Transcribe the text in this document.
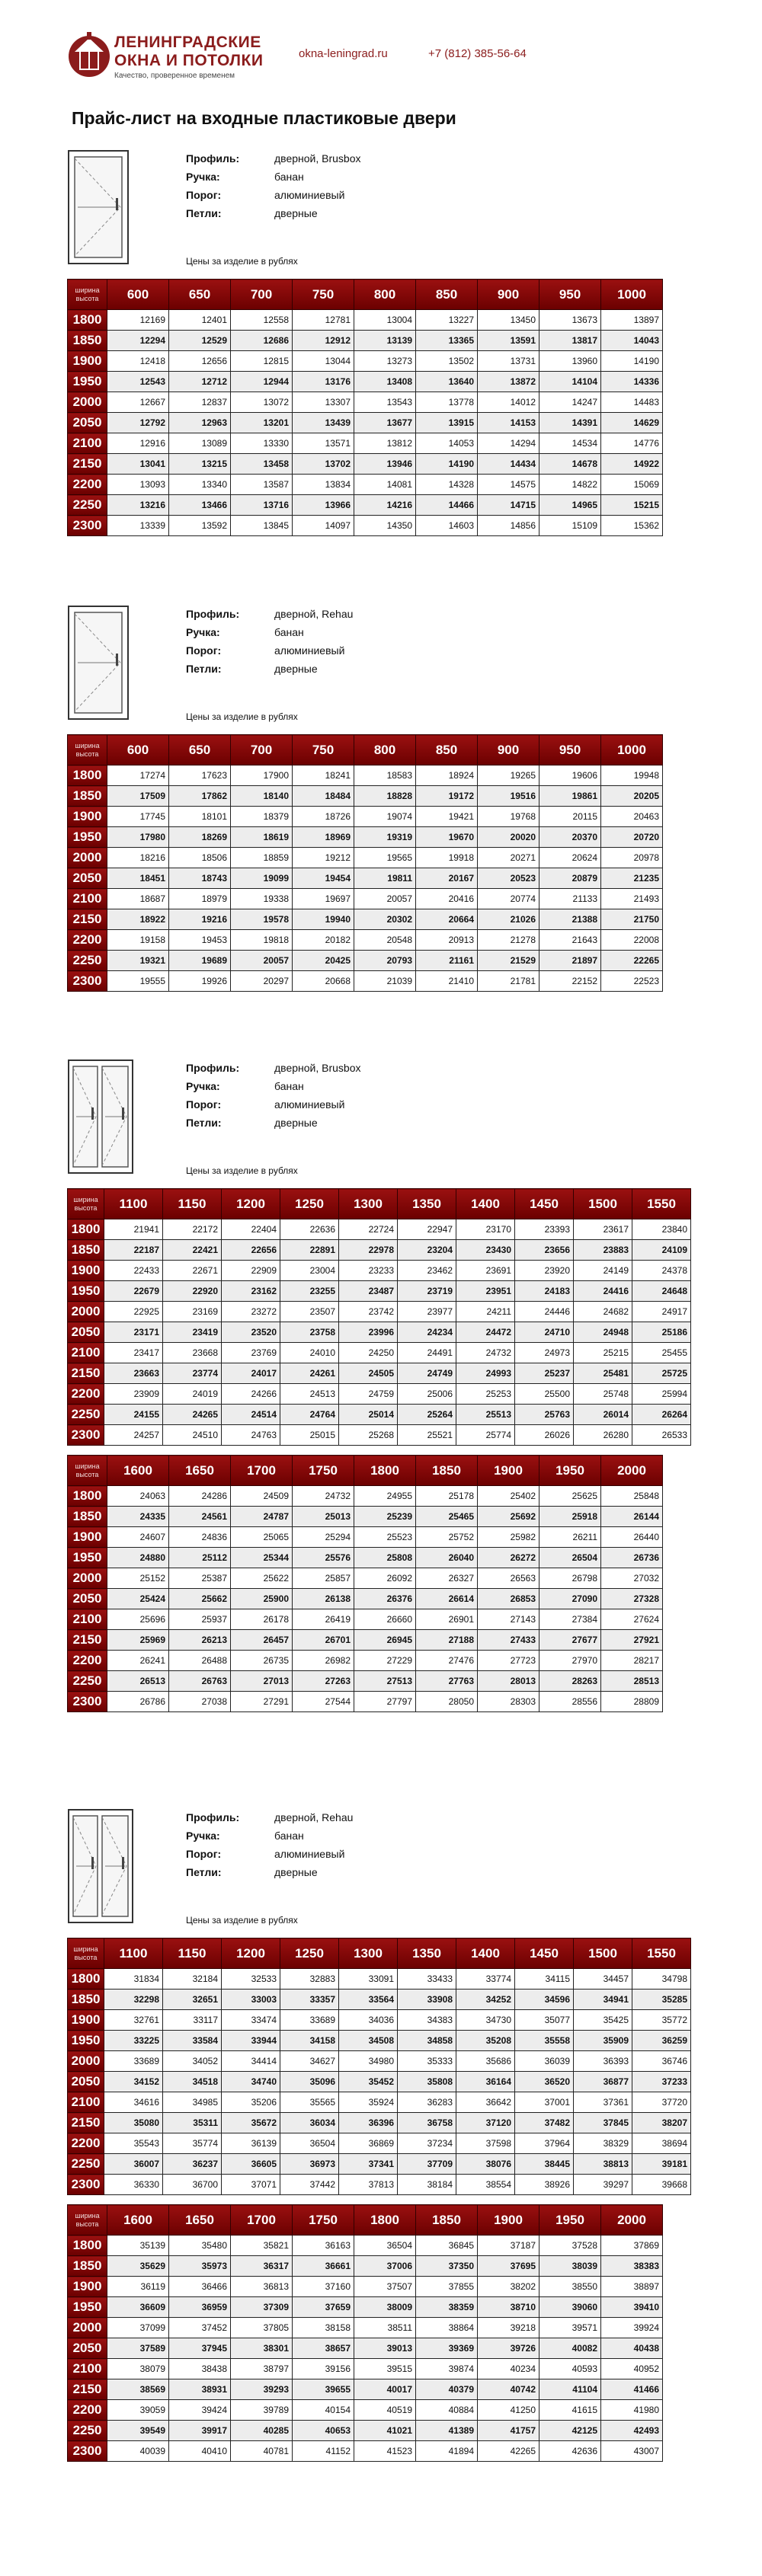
ЛЕНИНГРАДСКИЕ
ОКНА И ПОТОЛКИ
Качество, проверенное временем
okna-leningrad.ru	+7 (812) 385-56-64
Прайс-лист на входные пластиковые двери
Профиль:	дверной, Brusbox
Ручка:	банан
Порог:	алюминиевый
Петли:	дверные
Цены за изделие в рублях
ширина
высота	600	650	700	750	800	850	900	950	1000
1800	12169	12401	12558	12781	13004	13227	13450	13673	13897
1850	12294	12529	12686	12912	13139	13365	13591	13817	14043
1900	12418	12656	12815	13044	13273	13502	13731	13960	14190
1950	12543	12712	12944	13176	13408	13640	13872	14104	14336
2000	12667	12837	13072	13307	13543	13778	14012	14247	14483
2050	12792	12963	13201	13439	13677	13915	14153	14391	14629
2100	12916	13089	13330	13571	13812	14053	14294	14534	14776
2150	13041	13215	13458	13702	13946	14190	14434	14678	14922
2200	13093	13340	13587	13834	14081	14328	14575	14822	15069
2250	13216	13466	13716	13966	14216	14466	14715	14965	15215
2300	13339	13592	13845	14097	14350	14603	14856	15109	15362
Профиль:	дверной, Rehau
Ручка:	банан
Порог:	алюминиевый
Петли:	дверные
Цены за изделие в рублях
ширина
высота	600	650	700	750	800	850	900	950	1000
1800	17274	17623	17900	18241	18583	18924	19265	19606	19948
1850	17509	17862	18140	18484	18828	19172	19516	19861	20205
1900	17745	18101	18379	18726	19074	19421	19768	20115	20463
1950	17980	18269	18619	18969	19319	19670	20020	20370	20720
2000	18216	18506	18859	19212	19565	19918	20271	20624	20978
2050	18451	18743	19099	19454	19811	20167	20523	20879	21235
2100	18687	18979	19338	19697	20057	20416	20774	21133	21493
2150	18922	19216	19578	19940	20302	20664	21026	21388	21750
2200	19158	19453	19818	20182	20548	20913	21278	21643	22008
2250	19321	19689	20057	20425	20793	21161	21529	21897	22265
2300	19555	19926	20297	20668	21039	21410	21781	22152	22523
Профиль:	дверной, Brusbox
Ручка:	банан
Порог:	алюминиевый
Петли:	дверные
Цены за изделие в рублях
ширина
высота	1100	1150	1200	1250	1300	1350	1400	1450	1500	1550
1800	21941	22172	22404	22636	22724	22947	23170	23393	23617	23840
1850	22187	22421	22656	22891	22978	23204	23430	23656	23883	24109
1900	22433	22671	22909	23004	23233	23462	23691	23920	24149	24378
1950	22679	22920	23162	23255	23487	23719	23951	24183	24416	24648
2000	22925	23169	23272	23507	23742	23977	24211	24446	24682	24917
2050	23171	23419	23520	23758	23996	24234	24472	24710	24948	25186
2100	23417	23668	23769	24010	24250	24491	24732	24973	25215	25455
2150	23663	23774	24017	24261	24505	24749	24993	25237	25481	25725
2200	23909	24019	24266	24513	24759	25006	25253	25500	25748	25994
2250	24155	24265	24514	24764	25014	25264	25513	25763	26014	26264
2300	24257	24510	24763	25015	25268	25521	25774	26026	26280	26533
ширина
высота	1600	1650	1700	1750	1800	1850	1900	1950	2000
1800	24063	24286	24509	24732	24955	25178	25402	25625	25848
1850	24335	24561	24787	25013	25239	25465	25692	25918	26144
1900	24607	24836	25065	25294	25523	25752	25982	26211	26440
1950	24880	25112	25344	25576	25808	26040	26272	26504	26736
2000	25152	25387	25622	25857	26092	26327	26563	26798	27032
2050	25424	25662	25900	26138	26376	26614	26853	27090	27328
2100	25696	25937	26178	26419	26660	26901	27143	27384	27624
2150	25969	26213	26457	26701	26945	27188	27433	27677	27921
2200	26241	26488	26735	26982	27229	27476	27723	27970	28217
2250	26513	26763	27013	27263	27513	27763	28013	28263	28513
2300	26786	27038	27291	27544	27797	28050	28303	28556	28809
Профиль:	дверной, Rehau
Ручка:	банан
Порог:	алюминиевый
Петли:	дверные
Цены за изделие в рублях
ширина
высота	1100	1150	1200	1250	1300	1350	1400	1450	1500	1550
1800	31834	32184	32533	32883	33091	33433	33774	34115	34457	34798
1850	32298	32651	33003	33357	33564	33908	34252	34596	34941	35285
1900	32761	33117	33474	33689	34036	34383	34730	35077	35425	35772
1950	33225	33584	33944	34158	34508	34858	35208	35558	35909	36259
2000	33689	34052	34414	34627	34980	35333	35686	36039	36393	36746
2050	34152	34518	34740	35096	35452	35808	36164	36520	36877	37233
2100	34616	34985	35206	35565	35924	36283	36642	37001	37361	37720
2150	35080	35311	35672	36034	36396	36758	37120	37482	37845	38207
2200	35543	35774	36139	36504	36869	37234	37598	37964	38329	38694
2250	36007	36237	36605	36973	37341	37709	38076	38445	38813	39181
2300	36330	36700	37071	37442	37813	38184	38554	38926	39297	39668
ширина
высота	1600	1650	1700	1750	1800	1850	1900	1950	2000
1800	35139	35480	35821	36163	36504	36845	37187	37528	37869
1850	35629	35973	36317	36661	37006	37350	37695	38039	38383
1900	36119	36466	36813	37160	37507	37855	38202	38550	38897
1950	36609	36959	37309	37659	38009	38359	38710	39060	39410
2000	37099	37452	37805	38158	38511	38864	39218	39571	39924
2050	37589	37945	38301	38657	39013	39369	39726	40082	40438
2100	38079	38438	38797	39156	39515	39874	40234	40593	40952
2150	38569	38931	39293	39655	40017	40379	40742	41104	41466
2200	39059	39424	39789	40154	40519	40884	41250	41615	41980
2250	39549	39917	40285	40653	41021	41389	41757	42125	42493
2300	40039	40410	40781	41152	41523	41894	42265	42636	43007
